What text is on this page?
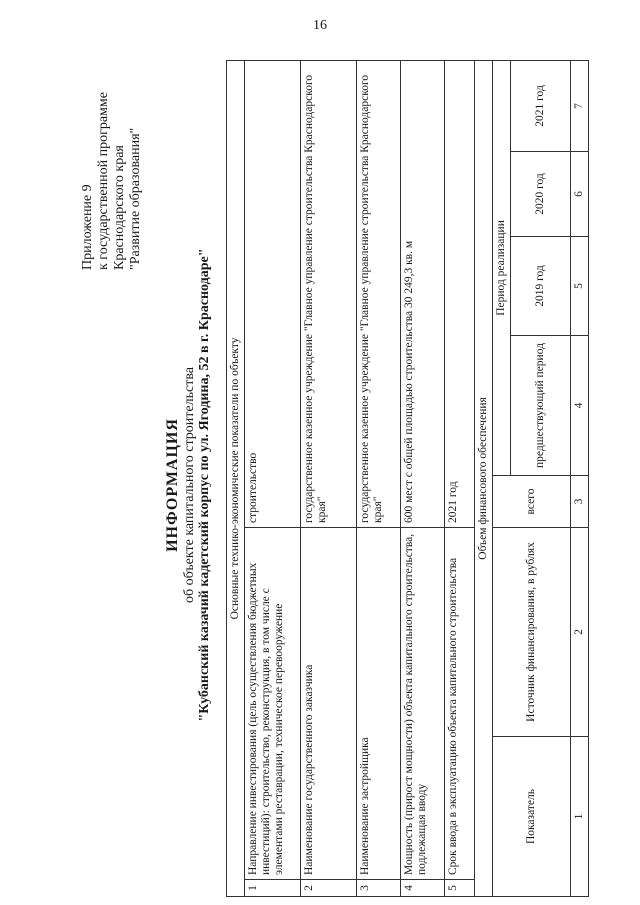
16
Приложение 9 к государственной программе Краснодарского края "Развитие образования"
ИНФОРМАЦИЯ об объекте капитального строительства "Кубанский казачий кадетский корпус по ул. Ягодина, 52 в г. Краснодаре" Основные технико-экономические показатели по объекту							
1	Направление инвестирования (цель осуществления бюджетных инвестиций): строительство, реконструкция, в том числе с элементами реставрации, техническое перевооружение		строительство				
2	Наименование государственного заказчика		государственное казенное учреждение "Главное управление строительства Краснодарского края"				
3	Наименование застройщика		государственное казенное учреждение "Главное управление строительства Краснодарского края"				
4	Мощность (прирост мощности) объекта капитального строительства, подлежащая вводу		600 мест с общей площадью строительства 30 249,3 кв. м				
5	Срок ввода в эксплуатацию объекта капитального строительства		2021 год				
Объем финансового обеспечения							
Показатель		Источник финансирования, в рублях	всего	Период реализации			
				предшествующий период	2019 год	2020 год	2021 год
1		2	3	4	5	6	7
